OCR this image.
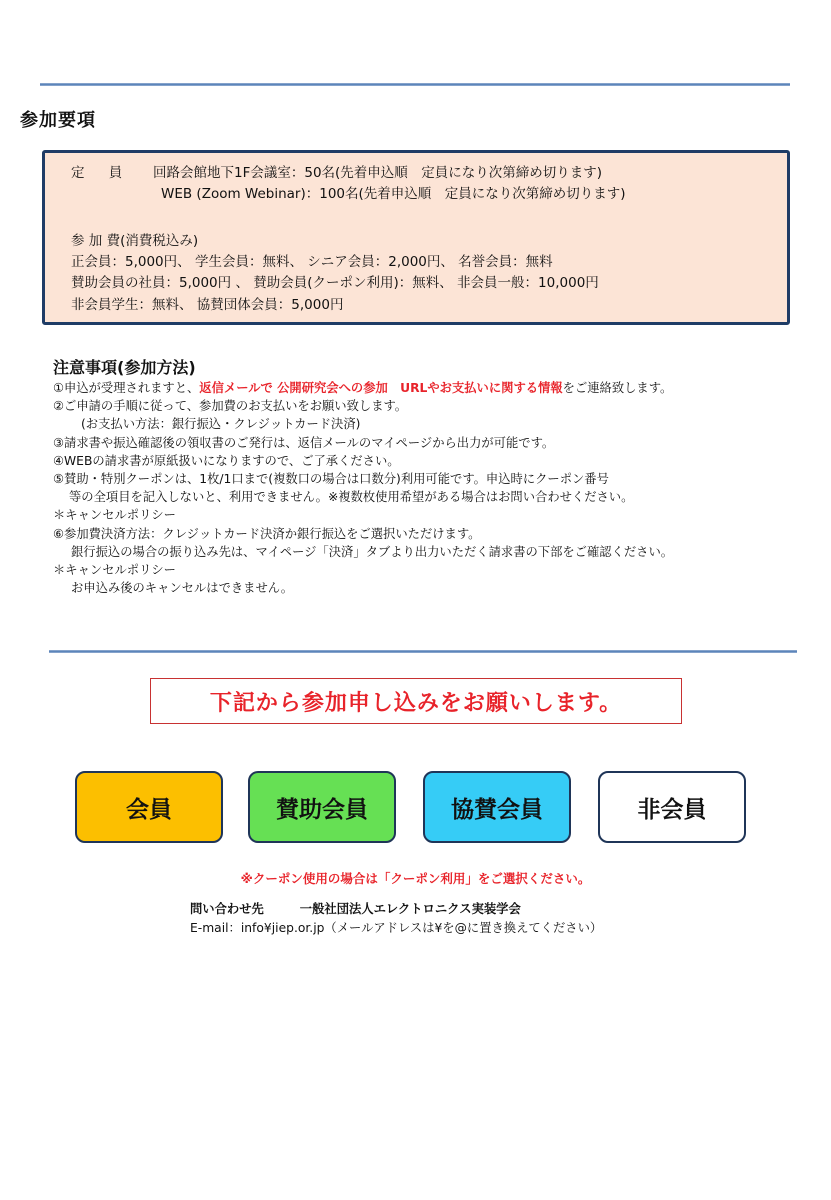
参加要項
定 員 回路会館地下1F会議室：50名(先着申込順　定員になり次第締め切ります)
WEB (Zoom Webinar)：100名(先着申込順　定員になり次第締め切ります)
参 加 費(消費税込み)
正会員：5,000円、 学生会員：無料、 シニア会員：2,000円、 名誉会員：無料
賛助会員の社員：5,000円 、 賛助会員(クーポン利用)：無料、 非会員一般：10,000円
非会員学生：無料、 協賛団体会員：5,000円
注意事項(参加方法)
①申込が受理されますと、返信メールで 公開研究会への参加　URLやお支払いに関する情報をご連絡致します。
②ご申請の手順に従って、参加費のお支払いをお願い致します。
(お支払い方法：銀行振込・クレジットカード決済)
③請求書や振込確認後の領収書のご発行は、返信メールのマイページから出力が可能です。
④WEBの請求書が原紙扱いになりますので、ご了承ください。
⑤賛助・特別クーポンは、1枚/1口まで(複数口の場合は口数分)利用可能です。申込時にクーポン番号
等の全項目を記入しないと、利用できません。※複数枚使用希望がある場合はお問い合わせください。
＊キャンセルポリシー
⑥参加費決済方法：クレジットカード決済か銀行振込をご選択いただけます。
銀行振込の場合の振り込み先は、マイページ「決済」タブより出力いただく請求書の下部をご確認ください。
＊キャンセルポリシー
お申込み後のキャンセルはできません。
下記から参加申し込みをお願いします。
会員	賛助会員	協賛会員	非会員
※クーポン使用の場合は「クーポン利用」をご選択ください。
問い合わせ先	一般社団法人エレクトロニクス実装学会
E-mail：info¥jiep.or.jp（メールアドレスは¥を@に置き換えてください）
